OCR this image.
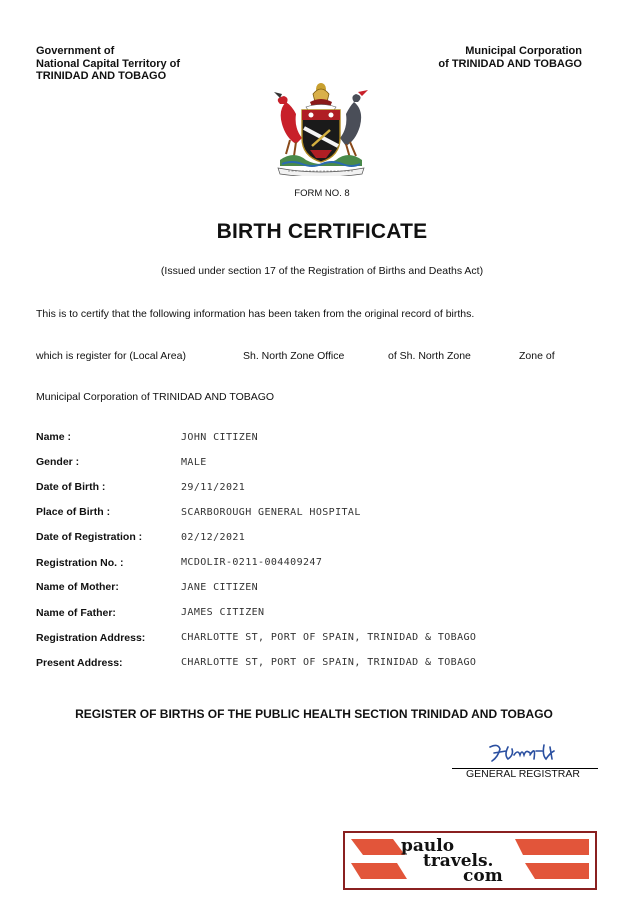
Government of
National Capital Territory of
TRINIDAD AND TOBAGO
Municipal Corporation
of TRINIDAD AND TOBAGO
FORM NO. 8
BIRTH CERTIFICATE
(Issued under section 17 of the Registration of Births and Deaths Act)
This is to certify that the following information has been taken from the original record of births.
which is register for (Local Area)	Sh. North Zone Office	of Sh. North Zone	Zone of
Municipal Corporation of TRINIDAD AND TOBAGO
Name :	JOHN CITIZEN
Gender :	MALE
Date of Birth :	29/11/2021
Place of Birth :	SCARBOROUGH GENERAL HOSPITAL
Date of Registration :	02/12/2021
Registration No. :	MCDOLIR-0211-004409247
Name of Mother:	JANE CITIZEN
Name of Father:	JAMES CITIZEN
Registration Address:	CHARLOTTE ST, PORT OF SPAIN, TRINIDAD & TOBAGO
Present Address:	CHARLOTTE ST, PORT OF SPAIN, TRINIDAD & TOBAGO
REGISTER OF BIRTHS OF THE PUBLIC HEALTH SECTION TRINIDAD AND TOBAGO
GENERAL REGISTRAR
paulo
travels.
com
